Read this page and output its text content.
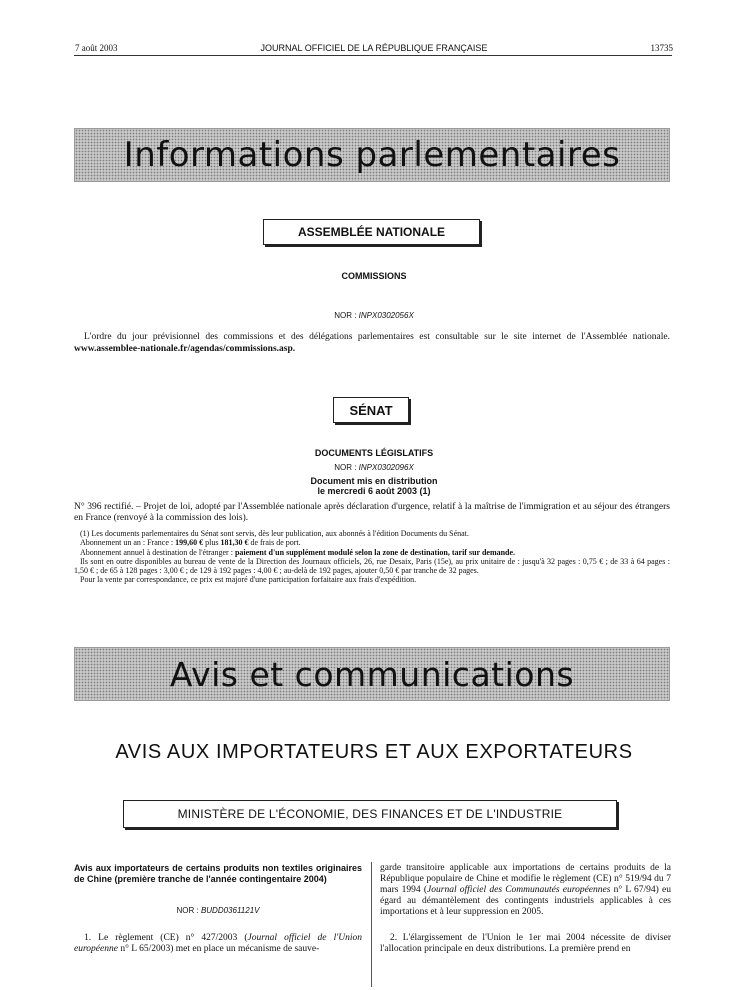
7 août 2003	JOURNAL OFFICIEL DE LA RÉPUBLIQUE FRANÇAISE	13735
Informations parlementaires
ASSEMBLÉE NATIONALE
COMMISSIONS
NOR : INPX0302056X
L'ordre du jour prévisionnel des commissions et des délégations parlementaires est consultable sur le site internet de l'Assemblée nationale. www.assemblee-nationale.fr/agendas/commissions.asp.
SÉNAT
DOCUMENTS LÉGISLATIFS
NOR : INPX0302096X
Document mis en distribution
le mercredi 6 août 2003 (1)
N° 396 rectifié. – Projet de loi, adopté par l'Assemblée nationale après déclaration d'urgence, relatif à la maîtrise de l'immigration et au séjour des étrangers en France (renvoyé à la commission des lois).
(1) Les documents parlementaires du Sénat sont servis, dès leur publication, aux abonnés à l'édition Documents du Sénat.
Abonnement un an : France : 199,60 € plus 181,30 € de frais de port.
Abonnement annuel à destination de l'étranger : paiement d'un supplément modulé selon la zone de destination, tarif sur demande.
Ils sont en outre disponibles au bureau de vente de la Direction des Journaux officiels, 26, rue Desaix, Paris (15e), au prix unitaire de : jusqu'à 32 pages : 0,75 € ; de 33 à 64 pages : 1,50 € ; de 65 à 128 pages : 3,00 € ; de 129 à 192 pages : 4,00 € ; au-delà de 192 pages, ajouter 0,50 € par tranche de 32 pages.
Pour la vente par correspondance, ce prix est majoré d'une participation forfaitaire aux frais d'expédition.
Avis et communications
AVIS AUX IMPORTATEURS ET AUX EXPORTATEURS
MINISTÈRE DE L'ÉCONOMIE, DES FINANCES ET DE L'INDUSTRIE
Avis aux importateurs de certains produits non textiles originaires de Chine (première tranche de l'année contingentaire 2004)
NOR : BUDD0361121V
1. Le règlement (CE) n° 427/2003 (Journal officiel de l'Union européenne n° L 65/2003) met en place un mécanisme de sauve-
garde transitoire applicable aux importations de certains produits de la République populaire de Chine et modifie le règlement (CE) n° 519/94 du 7 mars 1994 (Journal officiel des Communautés européennes n° L 67/94) eu égard au démantèlement des contingents industriels applicables à ces importations et à leur suppression en 2005.
2. L'élargissement de l'Union le 1er mai 2004 nécessite de diviser l'allocation principale en deux distributions. La première prend en
